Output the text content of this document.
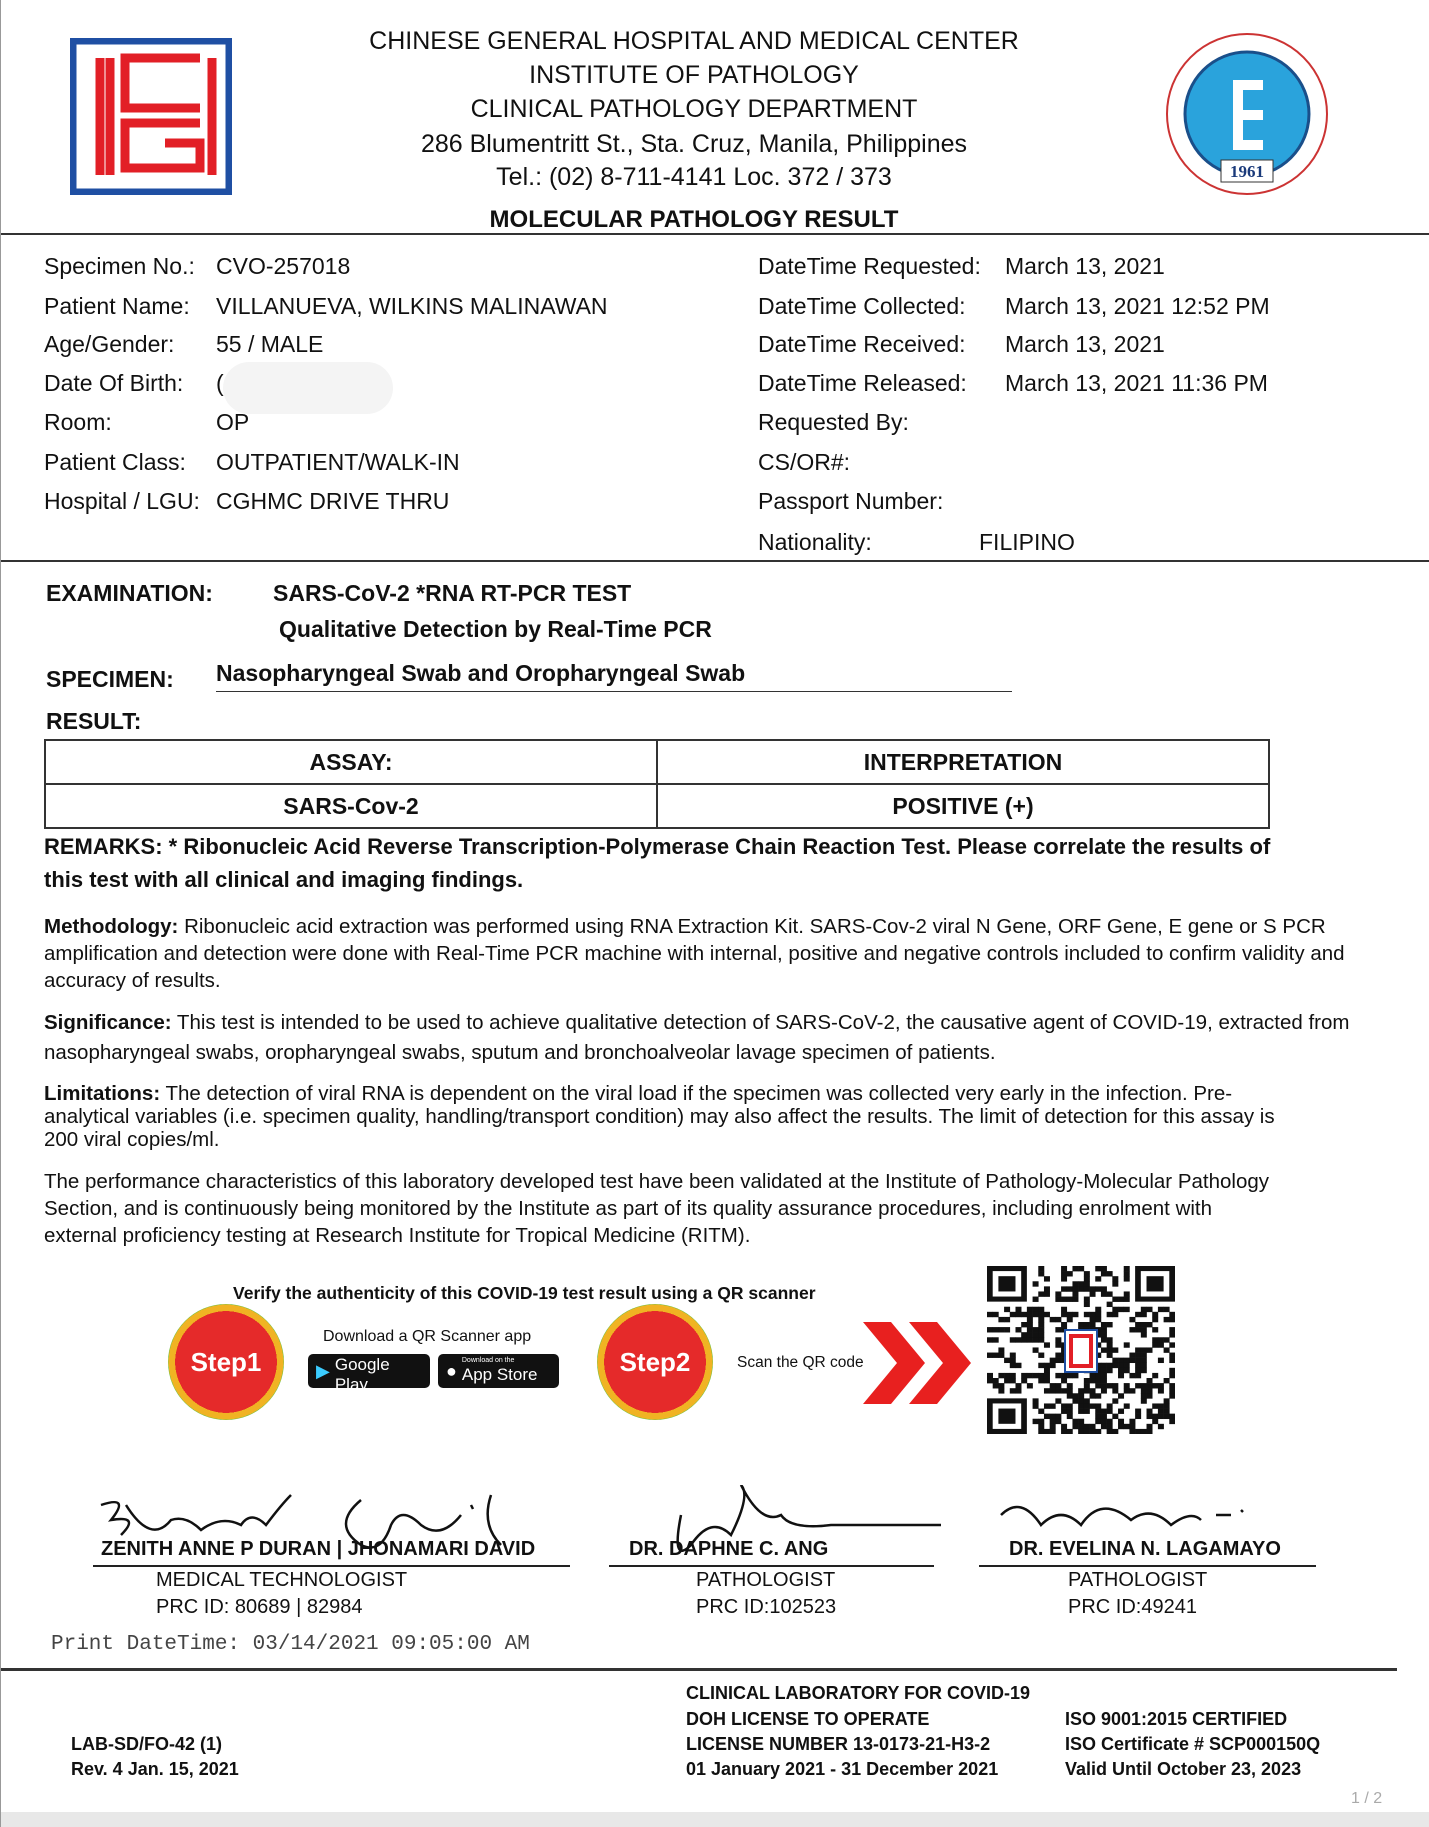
1961
CHINESE GENERAL HOSPITAL AND MEDICAL CENTER
INSTITUTE OF PATHOLOGY
CLINICAL PATHOLOGY DEPARTMENT
286 Blumentritt St., Sta. Cruz, Manila, Philippines
Tel.: (02) 8-711-4141 Loc. 372 / 373
MOLECULAR PATHOLOGY RESULT
Specimen No.: CVO-257018
Patient Name: VILLANUEVA, WILKINS MALINAWAN
Age/Gender: 55 / MALE
Date Of Birth: (
Room:	OP
Patient Class: OUTPATIENT/WALK-IN
Hospital / LGU: CGHMC DRIVE THRU
DateTime Requested: March 13, 2021
DateTime Collected: March 13, 2021 12:52 PM
DateTime Received: March 13, 2021
DateTime Released: March 13, 2021 11:36 PM
Requested By:
CS/OR#:
Passport Number:
Nationality:	FILIPINO
EXAMINATION:	SARS-CoV-2 *RNA RT-PCR TEST
Qualitative Detection by Real-Time PCR
SPECIMEN: Nasopharyngeal Swab and Oropharyngeal Swab
RESULT:
ASSAY:	INTERPRETATION
SARS-Cov-2	POSITIVE (+)
REMARKS: * Ribonucleic Acid Reverse Transcription-Polymerase Chain Reaction Test. Please correlate the results of this test with all clinical and imaging findings.
Methodology: Ribonucleic acid extraction was performed using RNA Extraction Kit. SARS-Cov-2 viral N Gene, ORF Gene, E gene or S PCR amplification and detection were done with Real-Time PCR machine with internal, positive and negative controls included to confirm validity and accuracy of results.
Significance: This test is intended to be used to achieve qualitative detection of SARS-CoV-2, the causative agent of COVID-19, extracted from nasopharyngeal swabs, oropharyngeal swabs, sputum and bronchoalveolar lavage specimen of patients.
Limitations: The detection of viral RNA is dependent on the viral load if the specimen was collected very early in the infection. Pre-analytical variables (i.e. specimen quality, handling/transport condition) may also affect the results. The limit of detection for this assay is 200 viral copies/ml.
The performance characteristics of this laboratory developed test have been validated at the Institute of Pathology-Molecular Pathology Section, and is continuously being monitored by the Institute as part of its quality assurance procedures, including enrolment with external proficiency testing at Research Institute for Tropical Medicine (RITM).
Verify the authenticity of this COVID-19 test result using a QR scanner
Step1
Download a QR Scanner app
▶
GET IT ON
Google Play
● Download on the
App Store	Step2	Scan the QR code
ZENITH ANNE P DURAN | JHONAMARI DAVID
MEDICAL TECHNOLOGIST
PRC ID: 80689 | 82984
DR. DAPHNE C. ANG
PATHOLOGIST
PRC ID:102523
DR. EVELINA N. LAGAMAYO
PATHOLOGIST
PRC ID:49241
Print DateTime: 03/14/2021 09:05:00 AM
LAB-SD/FO-42 (1)
Rev. 4 Jan. 15, 2021
CLINICAL LABORATORY FOR COVID-19
DOH LICENSE TO OPERATE
LICENSE NUMBER 13-0173-21-H3-2
01 January 2021 - 31 December 2021
ISO 9001:2015 CERTIFIED
ISO Certificate # SCP000150Q
Valid Until October 23, 2023
1 / 2
